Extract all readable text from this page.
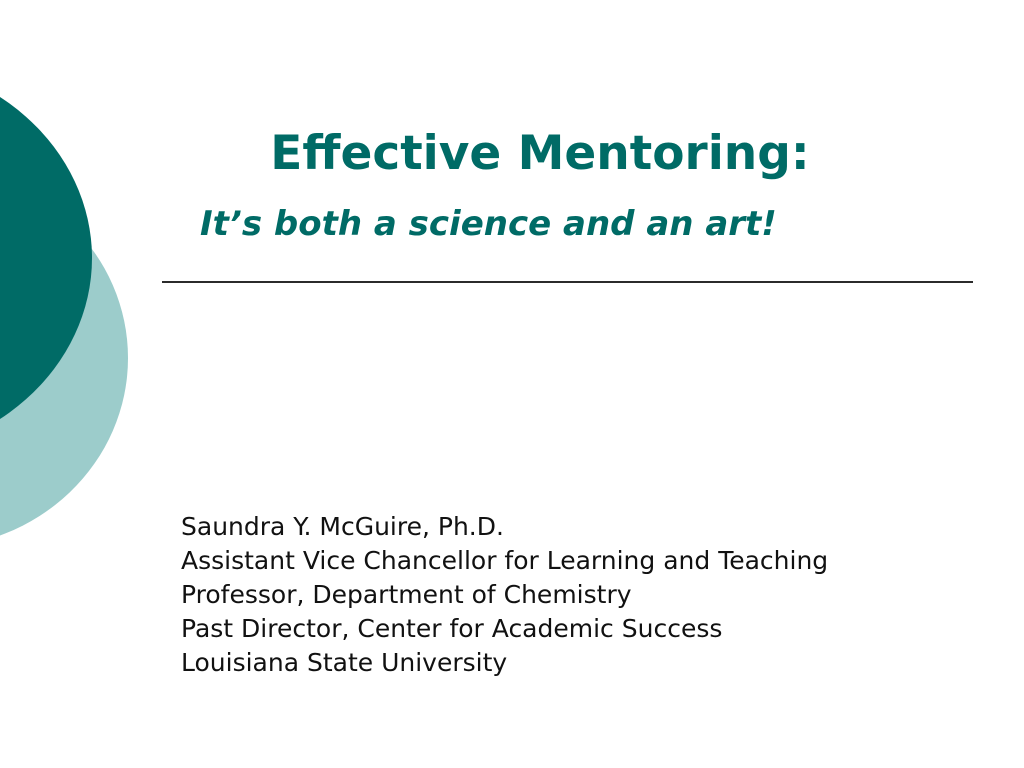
Effective Mentoring:
It’s both a science and an art!
Saundra Y. McGuire, Ph.D.
Assistant Vice Chancellor for Learning and Teaching
Professor, Department of Chemistry
Past Director, Center for Academic Success
Louisiana State University
